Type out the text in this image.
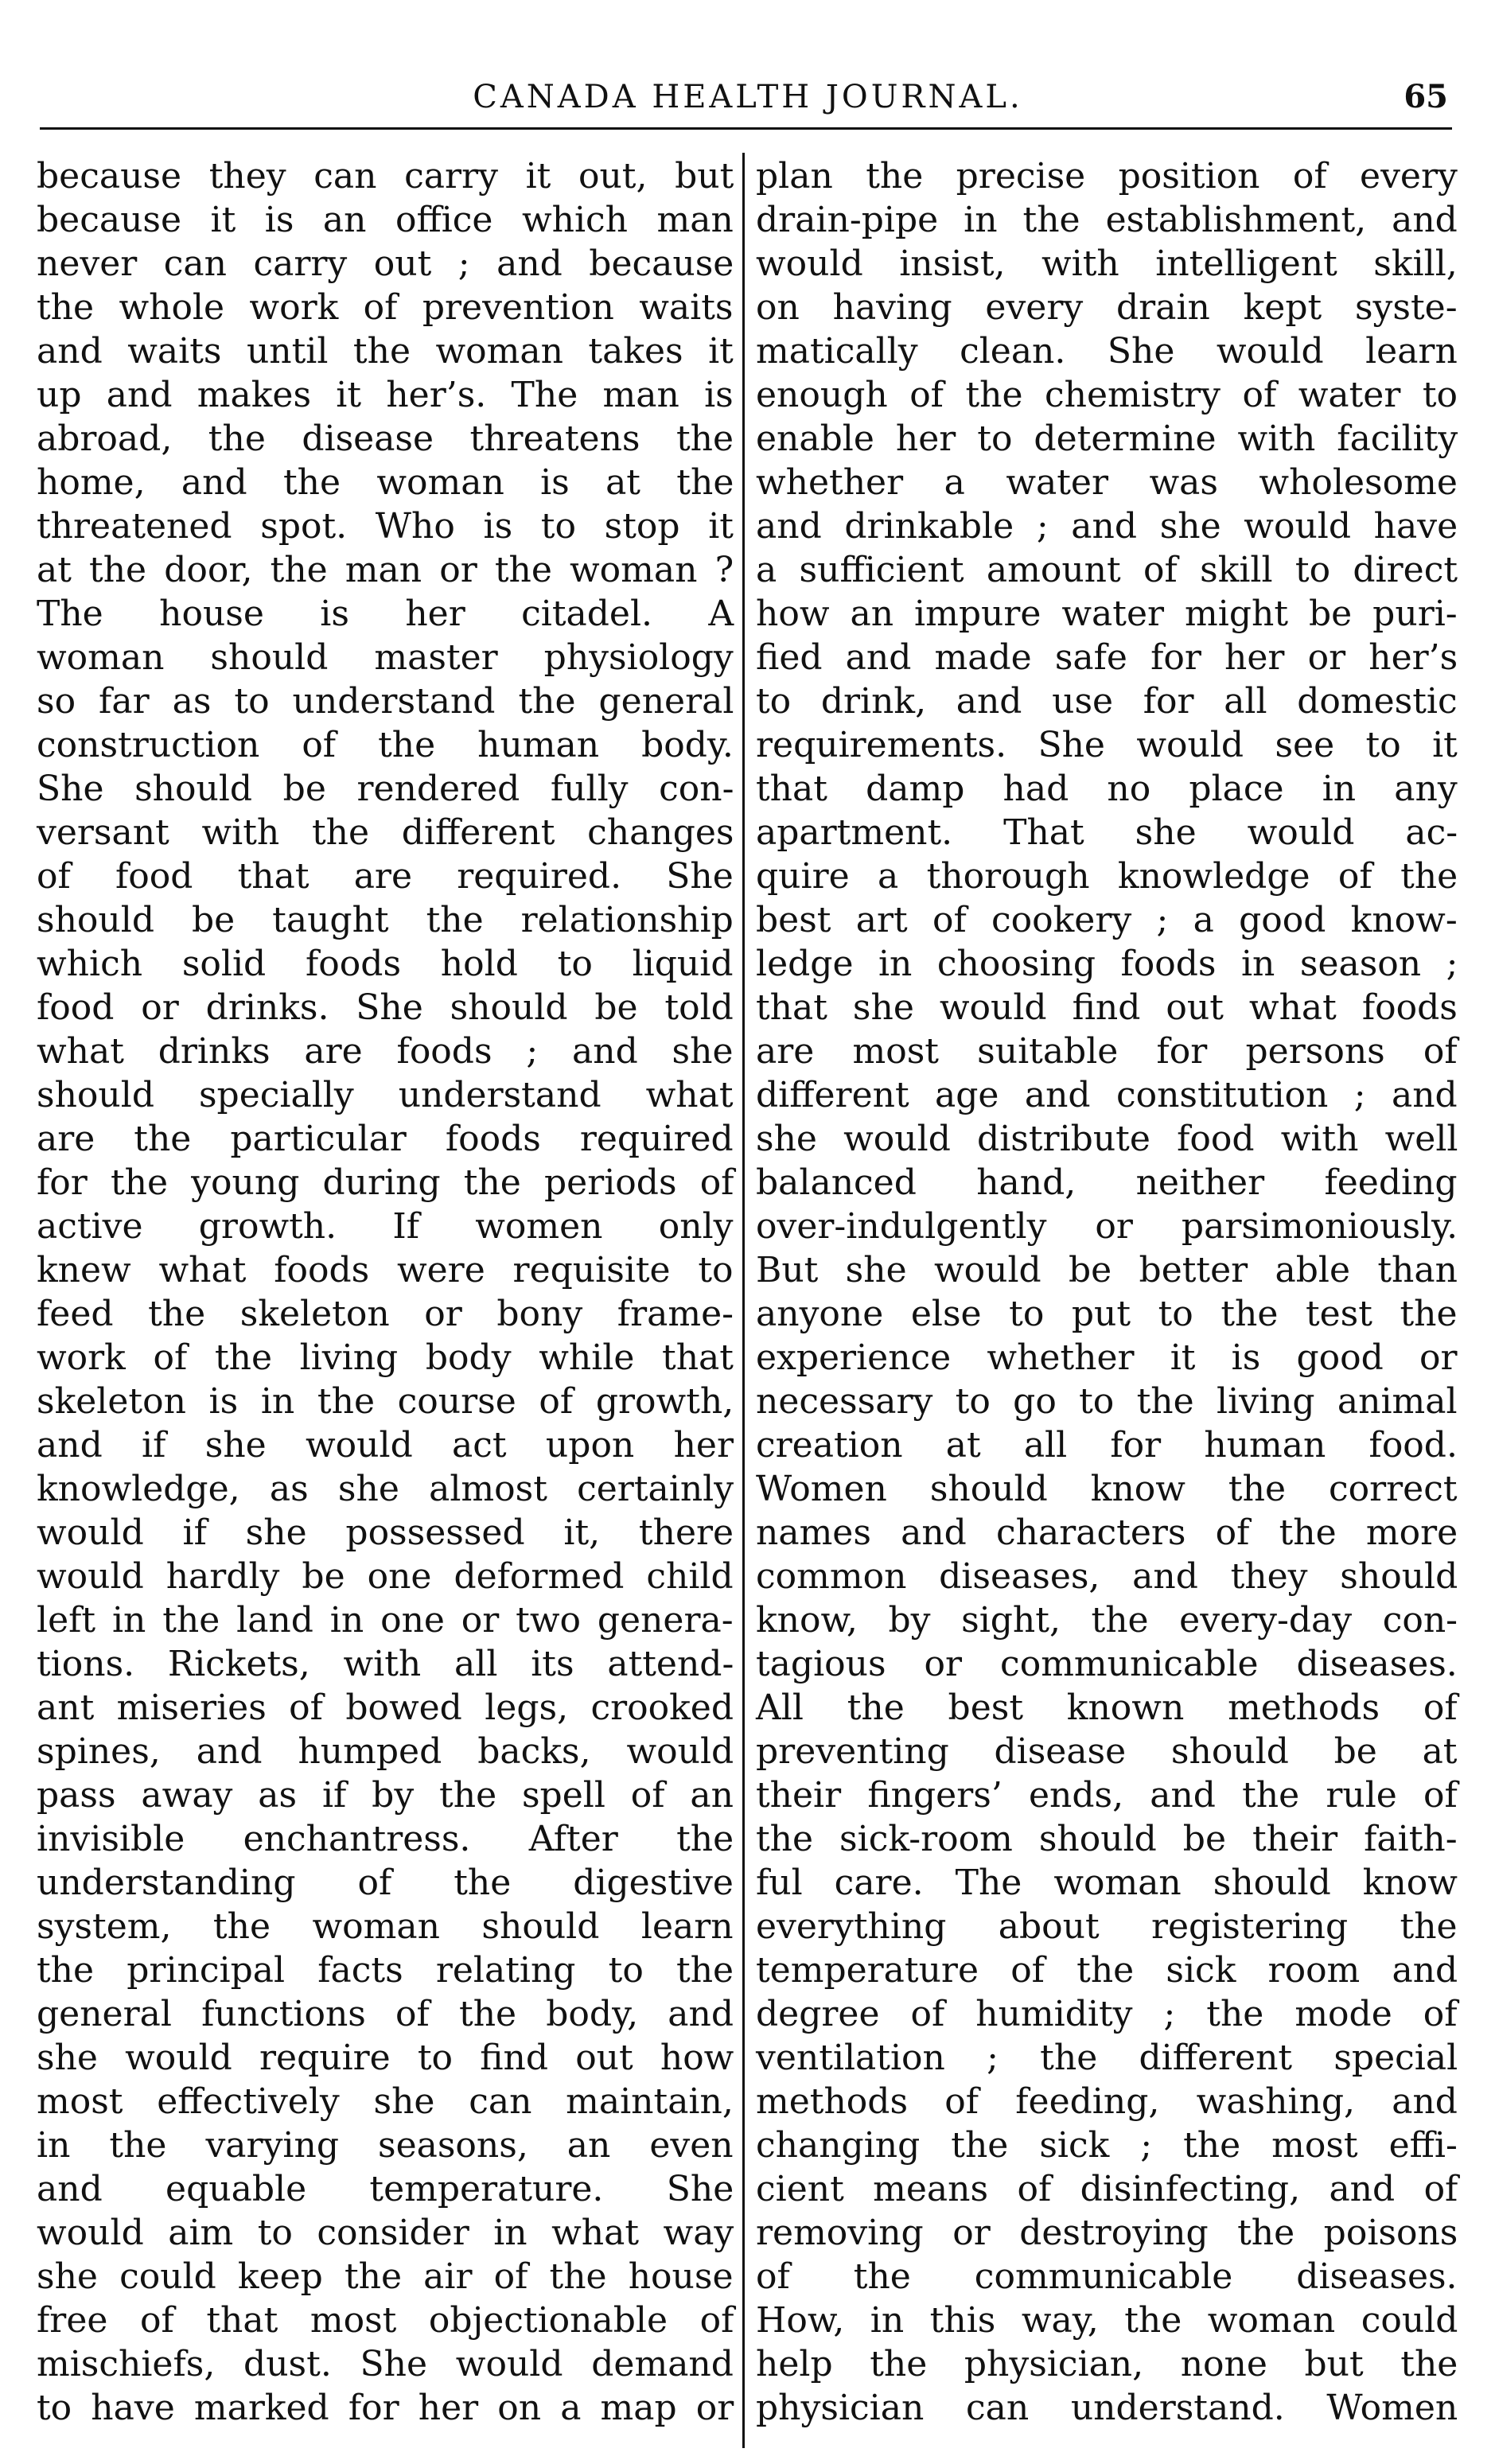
CANADA HEALTH JOURNAL.	65
because they can carry it out, but
because it is an office which man
never can carry out ; and because
the whole work of prevention waits
and waits until the woman takes it
up and makes it her’s. The man is
abroad, the disease threatens the
home, and the woman is at the
threatened spot. Who is to stop it
at the door, the man or the woman ?
The house is her citadel. A
woman should master physiology
so far as to understand the general
construction of the human body.
She should be rendered fully con-
versant with the different changes
of food that are required. She
should be taught the relationship
which solid foods hold to liquid
food or drinks. She should be told
what drinks are foods ; and she
should specially understand what
are the particular foods required
for the young during the periods of
active growth. If women only
knew what foods were requisite to
feed the skeleton or bony frame-
work of the living body while that
skeleton is in the course of growth,
and if she would act upon her
knowledge, as she almost certainly
would if she possessed it, there
would hardly be one deformed child
left in the land in one or two genera-
tions. Rickets, with all its attend-
ant miseries of bowed legs, crooked
spines, and humped backs, would
pass away as if by the spell of an
invisible enchantress. After the
understanding of the digestive
system, the woman should learn
the principal facts relating to the
general functions of the body, and
she would require to find out how
most effectively she can maintain,
in the varying seasons, an even
and equable temperature. She
would aim to consider in what way
she could keep the air of the house
free of that most objectionable of
mischiefs, dust. She would demand
to have marked for her on a map or
plan the precise position of every
drain-pipe in the establishment, and
would insist, with intelligent skill,
on having every drain kept syste-
matically clean. She would learn
enough of the chemistry of water to
enable her to determine with facility
whether a water was wholesome
and drinkable ; and she would have
a sufficient amount of skill to direct
how an impure water might be puri-
fied and made safe for her or her’s
to drink, and use for all domestic
requirements. She would see to it
that damp had no place in any
apartment. That she would ac-
quire a thorough knowledge of the
best art of cookery ; a good know-
ledge in choosing foods in season ;
that she would find out what foods
are most suitable for persons of
different age and constitution ; and
she would distribute food with well
balanced hand, neither feeding
over-indulgently or parsimoniously.
But she would be better able than
anyone else to put to the test the
experience whether it is good or
necessary to go to the living animal
creation at all for human food.
Women should know the correct
names and characters of the more
common diseases, and they should
know, by sight, the every-day con-
tagious or communicable diseases.
All the best known methods of
preventing disease should be at
their fingers’ ends, and the rule of
the sick-room should be their faith-
ful care. The woman should know
everything about registering the
temperature of the sick room and
degree of humidity ; the mode of
ventilation ; the different special
methods of feeding, washing, and
changing the sick ; the most effi-
cient means of disinfecting, and of
removing or destroying the poisons
of the communicable diseases.
How, in this way, the woman could
help the physician, none but the
physician can understand. Women
